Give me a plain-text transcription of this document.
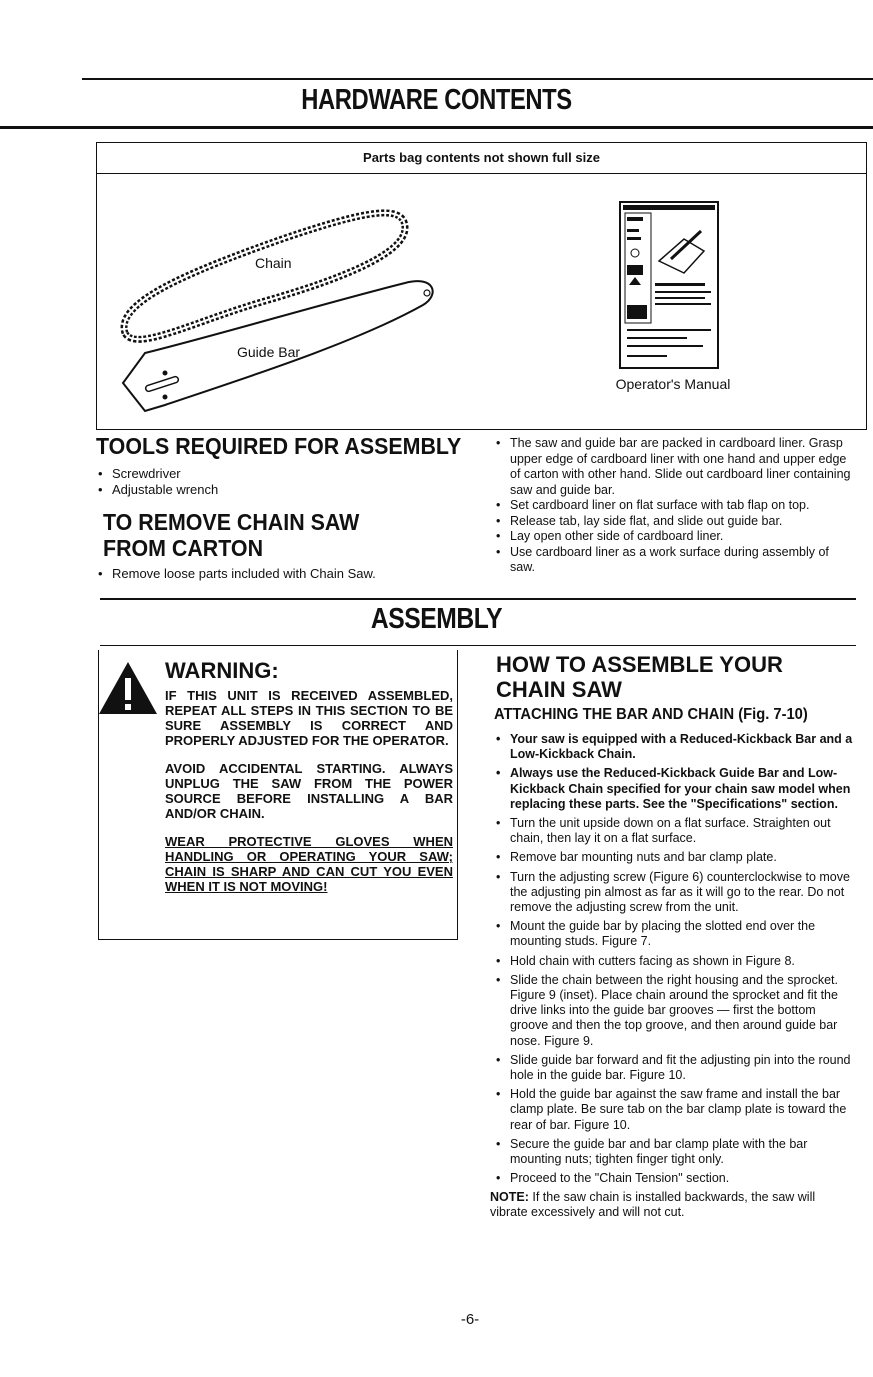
HARDWARE CONTENTS
Parts bag contents not shown full size
Chain
Guide Bar
Operator's Manual
TOOLS REQUIRED FOR ASSEMBLY
• Screwdriver
• Adjustable wrench
TO REMOVE CHAIN SAW
FROM CARTON
• Remove loose parts included with Chain Saw.
• The saw and guide bar are packed in cardboard liner. Grasp upper edge of cardboard liner with one hand and upper edge of carton with other hand. Slide out cardboard liner containing saw and guide bar.
• Set cardboard liner on flat surface with tab flap on top.
• Release tab, lay side flat, and slide out guide bar.
• Lay open other side of cardboard liner.
• Use cardboard liner as a work surface during assembly of saw.
ASSEMBLY
WARNING:

IF THIS UNIT IS RECEIVED ASSEMBLED, REPEAT ALL STEPS IN THIS SECTION TO BE SURE ASSEMBLY IS CORRECT AND PROPERLY ADJUSTED FOR THE OPERATOR.

AVOID ACCIDENTAL STARTING. ALWAYS UNPLUG THE SAW FROM THE POWER SOURCE BEFORE INSTALLING A BAR AND/OR CHAIN.

WEAR PROTECTIVE GLOVES WHEN HANDLING OR OPERATING YOUR SAW; CHAIN IS SHARP AND CAN CUT YOU EVEN WHEN IT IS NOT MOVING!

HOW TO ASSEMBLE YOUR
CHAIN SAW
ATTACHING THE BAR AND CHAIN (Fig. 7-10)
• Your saw is equipped with a Reduced-Kickback Bar and a Low-Kickback Chain.
• Always use the Reduced-Kickback Guide Bar and Low-Kickback Chain specified for your chain saw model when replacing these parts. See the "Specifications" section.
• Turn the unit upside down on a flat surface. Straighten out chain, then lay it on a flat surface.
• Remove bar mounting nuts and bar clamp plate.
• Turn the adjusting screw (Figure 6) counterclockwise to move the adjusting pin almost as far as it will go to the rear. Do not remove the adjusting screw from the unit.
• Mount the guide bar by placing the slotted end over the mounting studs. Figure 7.
• Hold chain with cutters facing as shown in Figure 8.
• Slide the chain between the right housing and the sprocket. Figure 9 (inset). Place chain around the sprocket and fit the drive links into the guide bar grooves — first the bottom groove and then the top groove, and then around guide bar nose. Figure 9.
• Slide guide bar forward and fit the adjusting pin into the round hole in the guide bar. Figure 10.
• Hold the guide bar against the saw frame and install the bar clamp plate. Be sure tab on the bar clamp plate is toward the rear of bar. Figure 10.
• Secure the guide bar and bar clamp plate with the bar mounting nuts; tighten finger tight only.
• Proceed to the "Chain Tension" section.
NOTE: If the saw chain is installed backwards, the saw will vibrate excessively and will not cut.
-6-
